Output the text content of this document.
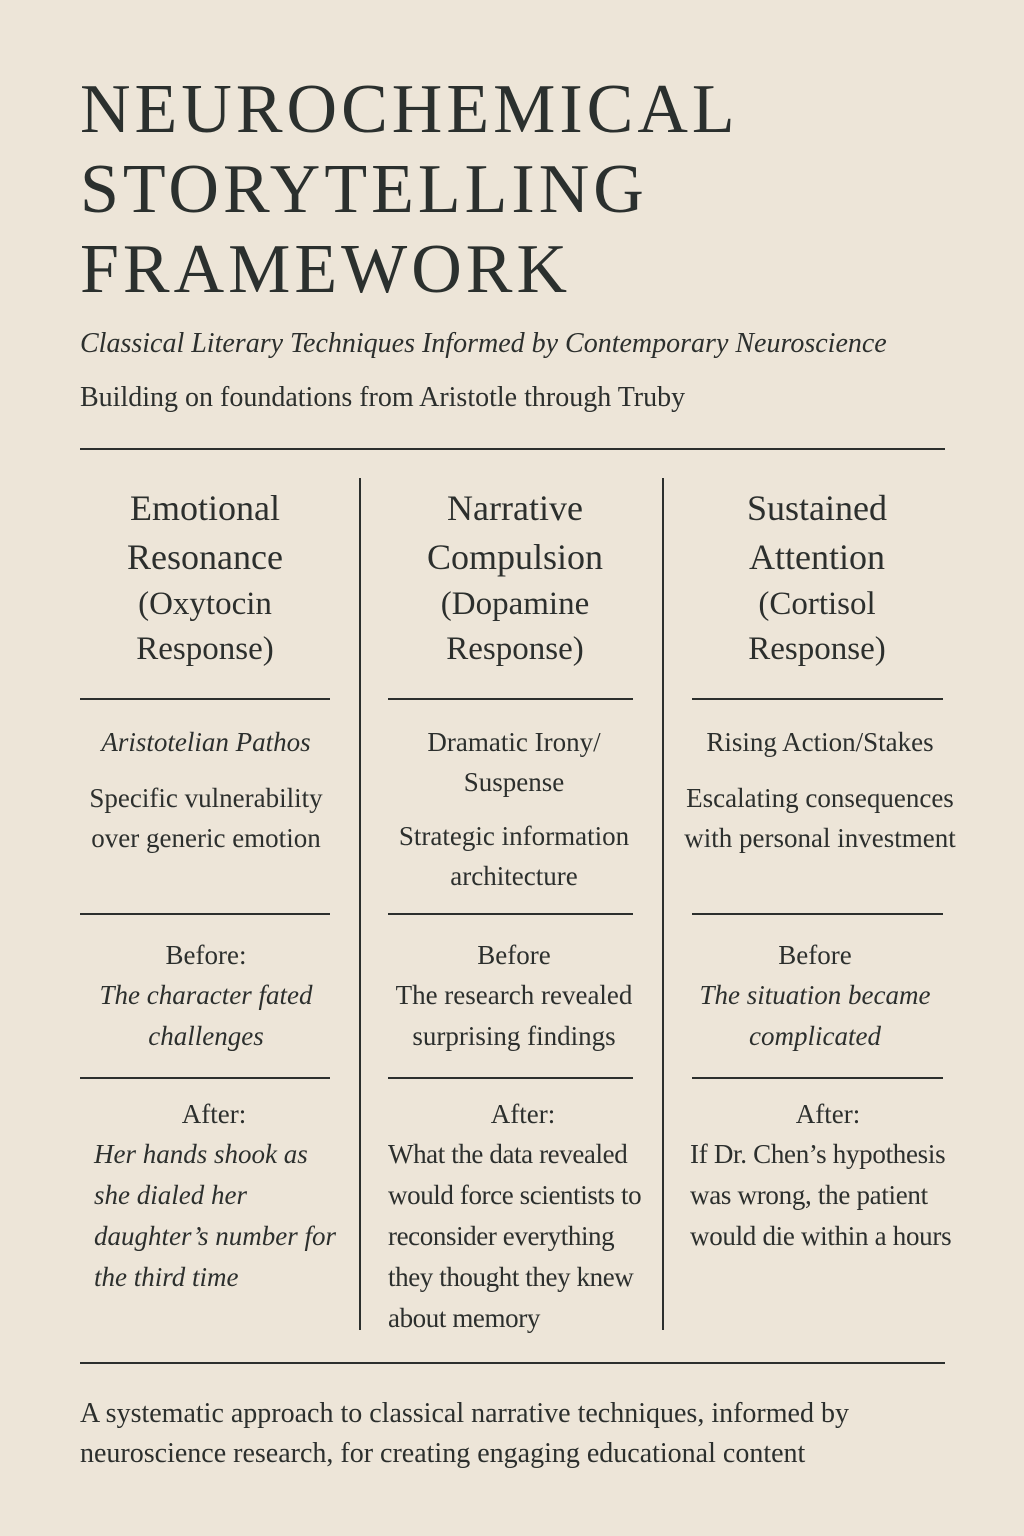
NEUROCHEMICAL
STORYTELLING
FRAMEWORK
Classical Literary Techniques Informed by Contemporary Neuroscience
Building on foundations from Aristotle through Truby
Emotional
Resonance
(Oxytocin
Response)
Aristotelian Pathos
Specific vulnerability over generic emotion
Before:
The character fated challenges
After:
Her hands shook as she dialed her daughter’s number for the third time
Narrative
Compulsion
(Dopamine
Response)
Dramatic Irony/ Suspense
Strategic information architecture
Before
The research revealed surprising findings
After:
What the data revealed would force scientists to reconsider everything they thought they knew about memory
Sustained
Attention
(Cortisol
Response)
Rising Action/Stakes
Escalating consequences with personal investment
Before
The situation became complicated
After:
If Dr. Chen’s hypothesis was wrong, the patient would die within a hours
A systematic approach to classical narrative techniques, informed by neuroscience research, for creating engaging educational content
